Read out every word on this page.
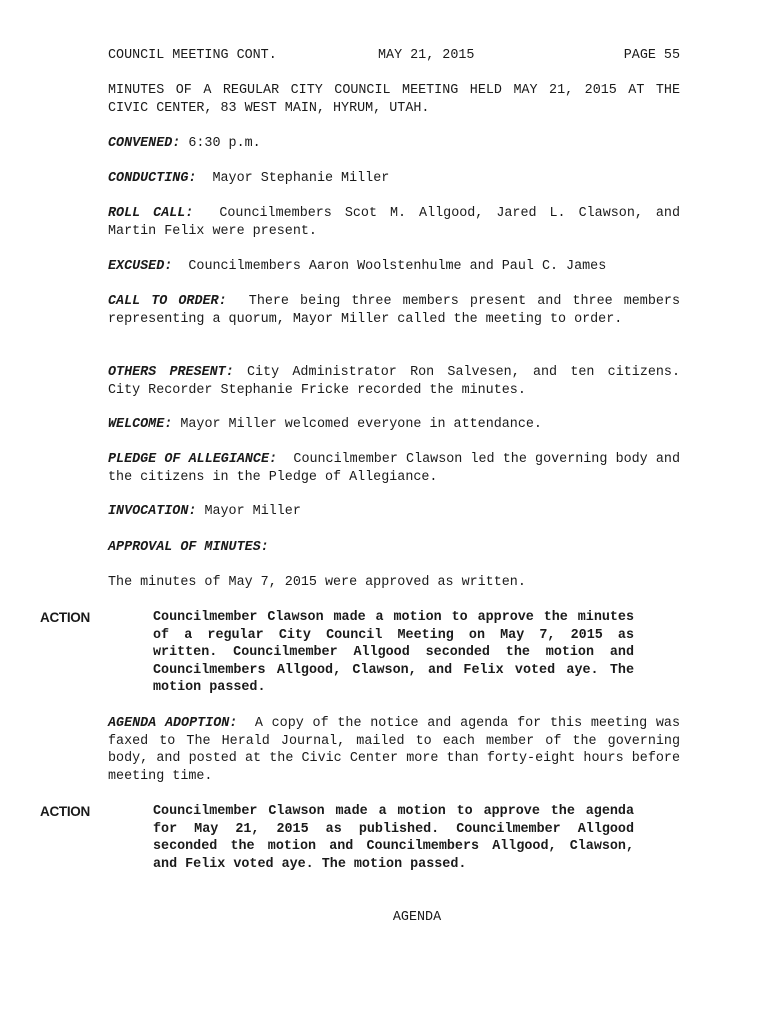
COUNCIL MEETING CONT.	MAY 21, 2015	PAGE 55
MINUTES OF A REGULAR CITY COUNCIL MEETING HELD MAY 21, 2015 AT THE CIVIC CENTER, 83 WEST MAIN, HYRUM, UTAH.
CONVENED: 6:30 p.m.
CONDUCTING:  Mayor Stephanie Miller
ROLL CALL:  Councilmembers Scot M. Allgood, Jared L. Clawson, and Martin Felix were present.
EXCUSED:  Councilmembers Aaron Woolstenhulme and Paul C. James
CALL TO ORDER:  There being three members present and three members representing a quorum, Mayor Miller called the meeting to order.
OTHERS PRESENT: City Administrator Ron Salvesen, and ten citizens.  City Recorder Stephanie Fricke recorded the minutes.
WELCOME: Mayor Miller welcomed everyone in attendance.
PLEDGE OF ALLEGIANCE:  Councilmember Clawson led the governing body and the citizens in the Pledge of Allegiance.
INVOCATION: Mayor Miller
APPROVAL OF MINUTES:
The minutes of May 7, 2015 were approved as written.
ACTION	Councilmember Clawson made a motion to approve the minutes of a regular City Council Meeting on May 7, 2015 as written. Councilmember Allgood seconded the motion and Councilmembers Allgood, Clawson, and Felix voted aye. The motion passed.
AGENDA ADOPTION:  A copy of the notice and agenda for this meeting was faxed to The Herald Journal, mailed to each member of the governing body, and posted at the Civic Center more than forty-eight hours before meeting time.
ACTION	Councilmember Clawson made a motion to approve the agenda for May 21, 2015 as published. Councilmember Allgood seconded the motion and Councilmembers Allgood, Clawson, and Felix voted aye. The motion passed.
AGENDA
